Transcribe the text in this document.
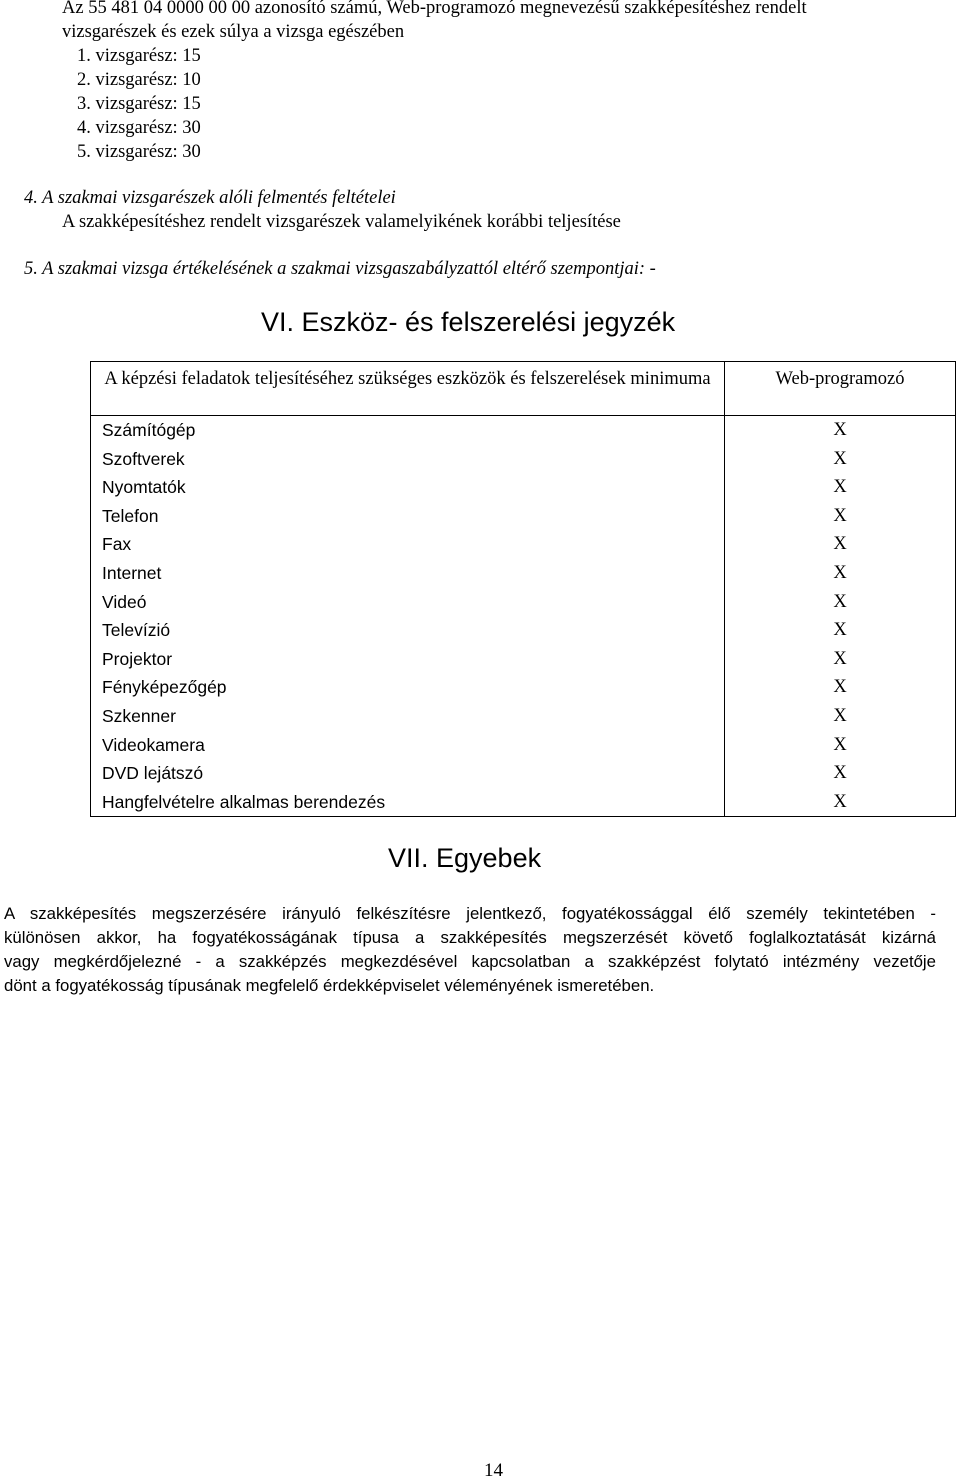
Az 55 481 04 0000 00 00 azonosító számú, Web-programozó megnevezésű szakképesítéshez rendelt
vizsgarészek és ezek súlya a vizsga egészében
1. vizsgarész: 15
2. vizsgarész: 10
3. vizsgarész: 15
4. vizsgarész: 30
5. vizsgarész: 30
4. A szakmai vizsgarészek alóli felmentés feltételei
A szakképesítéshez rendelt vizsgarészek valamelyikének korábbi teljesítése
5. A szakmai vizsga értékelésének a szakmai vizsgaszabályzattól eltérő szempontjai: -
VI. Eszköz- és felszerelési jegyzék
A képzési feladatok teljesítéséhez szükséges eszközök és felszerelések minimuma	Web-programozó
Számítógép	X
Szoftverek	X
Nyomtatók	X
Telefon	X
Fax	X
Internet	X
Videó	X
Televízió	X
Projektor	X
Fényképezőgép	X
Szkenner	X
Videokamera	X
DVD lejátszó	X
Hangfelvételre alkalmas berendezés	X
VII. Egyebek
A szakképesítés megszerzésére irányuló felkészítésre jelentkező, fogyatékossággal élő személy tekintetében -
különösen akkor, ha fogyatékosságának típusa a szakképesítés megszerzését követő foglalkoztatását kizárná
vagy megkérdőjelezné - a szakképzés megkezdésével kapcsolatban a szakképzést folytató intézmény vezetője
dönt a fogyatékosság típusának megfelelő érdekképviselet véleményének ismeretében.
14
